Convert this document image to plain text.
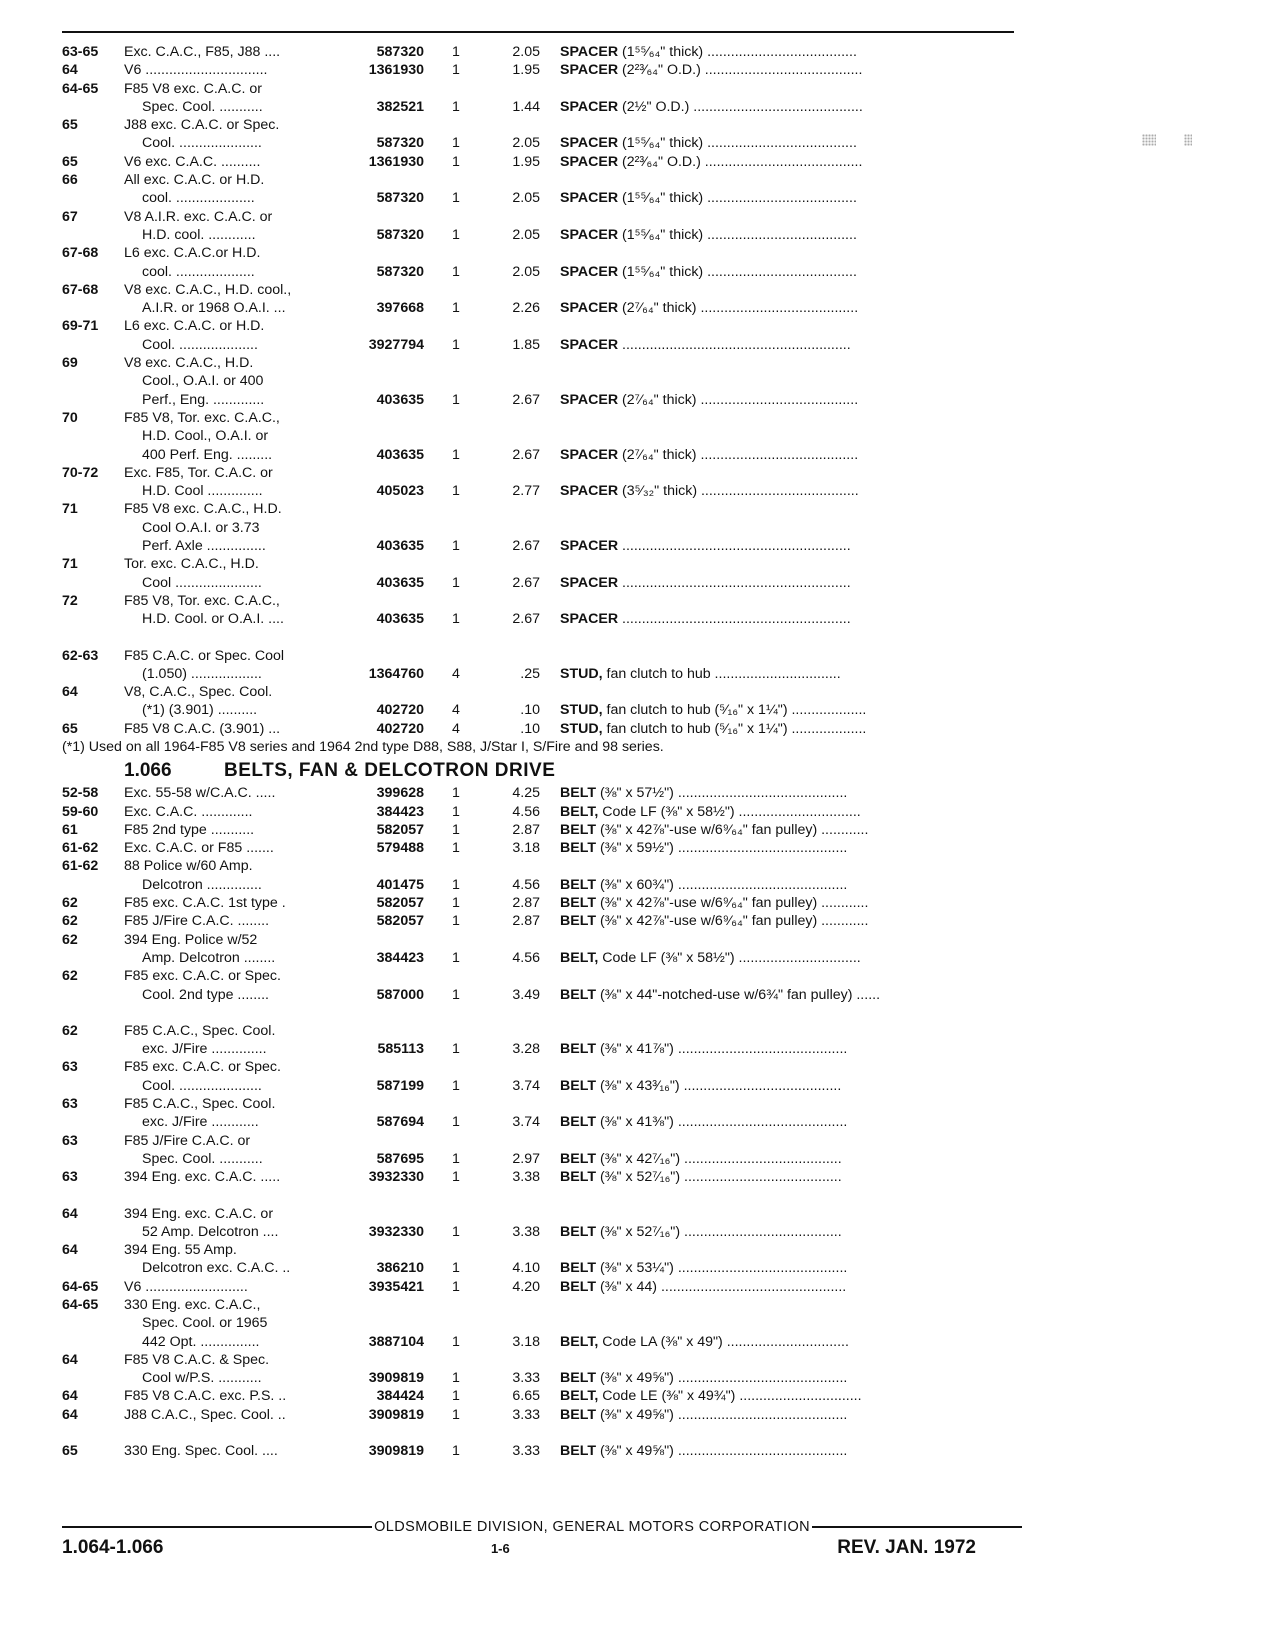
63-65	Exc. C.A.C., F85, J88 ....	587320	1	2.05	SPACER (1⁵⁵⁄₆₄" thick) ......................................
64	V6 ...............................	1361930	1	1.95	SPACER (2²³⁄₆₄" O.D.) ........................................
64-65	F85 V8 exc. C.A.C. or
Spec. Cool. ...........	382521	1	1.44	SPACER (2½" O.D.) ...........................................
65	J88 exc. C.A.C. or Spec.
Cool. .....................	587320	1	2.05	SPACER (1⁵⁵⁄₆₄" thick) ......................................
65	V6 exc. C.A.C. ..........	1361930	1	1.95	SPACER (2²³⁄₆₄" O.D.) ........................................
66	All exc. C.A.C. or H.D.
cool. ....................	587320	1	2.05	SPACER (1⁵⁵⁄₆₄" thick) ......................................
67	V8 A.I.R. exc. C.A.C. or
H.D. cool. ............	587320	1	2.05	SPACER (1⁵⁵⁄₆₄" thick) ......................................
67-68	L6 exc. C.A.C.or H.D.
cool. ....................	587320	1	2.05	SPACER (1⁵⁵⁄₆₄" thick) ......................................
67-68	V8 exc. C.A.C., H.D. cool.,
A.I.R. or 1968 O.A.I. ...	397668	1	2.26	SPACER (2⁷⁄₆₄" thick) ........................................
69-71	L6 exc. C.A.C. or H.D.
Cool. ....................	3927794	1	1.85	SPACER ..........................................................
69	V8 exc. C.A.C., H.D.
Cool., O.A.I. or 400
Perf., Eng. .............	403635	1	2.67	SPACER (2⁷⁄₆₄" thick) ........................................
70	F85 V8, Tor. exc. C.A.C.,
H.D. Cool., O.A.I. or
400 Perf. Eng. .........	403635	1	2.67	SPACER (2⁷⁄₆₄" thick) ........................................
70-72	Exc. F85, Tor. C.A.C. or
H.D. Cool ..............	405023	1	2.77	SPACER (3⁵⁄₃₂" thick) ........................................
71	F85 V8 exc. C.A.C., H.D.
Cool O.A.I. or 3.73
Perf. Axle ...............	403635	1	2.67	SPACER ..........................................................
71	Tor. exc. C.A.C., H.D.
Cool ......................	403635	1	2.67	SPACER ..........................................................
72	F85 V8, Tor. exc. C.A.C.,
H.D. Cool. or O.A.I. ....	403635	1	2.67	SPACER ..........................................................
62-63	F85 C.A.C. or Spec. Cool
(1.050) ..................	1364760	4	.25	STUD, fan clutch to hub ................................
64	V8, C.A.C., Spec. Cool.
(*1) (3.901) ..........	402720	4	.10	STUD, fan clutch to hub (⁵⁄₁₆" x 1¼") ...................
65	F85 V8 C.A.C. (3.901) ...	402720	4	.10	STUD, fan clutch to hub (⁵⁄₁₆" x 1¼") ...................
(*1) Used on all 1964-F85 V8 series and 1964 2nd type D88, S88, J/Star I, S/Fire and 98 series.
1.066	BELTS, FAN & DELCOTRON DRIVE
52-58	Exc. 55-58 w/C.A.C. .....	399628	1	4.25	BELT (⅜" x 57½") ...........................................
59-60	Exc. C.A.C. .............	384423	1	4.56	BELT, Code LF (⅜" x 58½") ...............................
61	F85 2nd type ...........	582057	1	2.87	BELT (⅜" x 42⅞"-use w/6⁹⁄₆₄" fan pulley) ............
61-62	Exc. C.A.C. or F85 .......	579488	1	3.18	BELT (⅜" x 59½") ...........................................
61-62	88 Police w/60 Amp.
Delcotron ..............	401475	1	4.56	BELT (⅜" x 60¾") ...........................................
62	F85 exc. C.A.C. 1st type .	582057	1	2.87	BELT (⅜" x 42⅞"-use w/6⁹⁄₆₄" fan pulley) ............
62	F85 J/Fire C.A.C. ........	582057	1	2.87	BELT (⅜" x 42⅞"-use w/6⁹⁄₆₄" fan pulley) ............
62	394 Eng. Police w/52
Amp. Delcotron ........	384423	1	4.56	BELT, Code LF (⅜" x 58½") ...............................
62	F85 exc. C.A.C. or Spec.
Cool. 2nd type ........	587000	1	3.49	BELT (⅜" x 44"-notched-use w/6¾" fan pulley) ......
62	F85 C.A.C., Spec. Cool.
exc. J/Fire ..............	585113	1	3.28	BELT (⅜" x 41⅞") ...........................................
63	F85 exc. C.A.C. or Spec.
Cool. .....................	587199	1	3.74	BELT (⅜" x 43³⁄₁₆") ........................................
63	F85 C.A.C., Spec. Cool.
exc. J/Fire ............	587694	1	3.74	BELT (⅜" x 41⅜") ...........................................
63	F85 J/Fire C.A.C. or
Spec. Cool. ...........	587695	1	2.97	BELT (⅜" x 42⁷⁄₁₆") ........................................
63	394 Eng. exc. C.A.C. .....	3932330	1	3.38	BELT (⅜" x 52⁷⁄₁₆") ........................................
64	394 Eng. exc. C.A.C. or
52 Amp. Delcotron ....	3932330	1	3.38	BELT (⅜" x 52⁷⁄₁₆") ........................................
64	394 Eng. 55 Amp.
Delcotron exc. C.A.C. ..	386210	1	4.10	BELT (⅜" x 53¼") ...........................................
64-65	V6 ..........................	3935421	1	4.20	BELT (⅜" x 44) ...............................................
64-65	330 Eng. exc. C.A.C.,
Spec. Cool. or 1965
442 Opt. ...............	3887104	1	3.18	BELT, Code LA (⅜" x 49") ...............................
64	F85 V8 C.A.C. & Spec.
Cool w/P.S. ...........	3909819	1	3.33	BELT (⅜" x 49⅝") ...........................................
64	F85 V8 C.A.C. exc. P.S. ..	384424	1	6.65	BELT, Code LE (⅜" x 49¾") ...............................
64	J88 C.A.C., Spec. Cool. ..	3909819	1	3.33	BELT (⅜" x 49⅝") ...........................................
65	330 Eng. Spec. Cool. ....	3909819	1	3.33	BELT (⅜" x 49⅝") ...........................................
OLDSMOBILE DIVISION, GENERAL MOTORS CORPORATION
1.064-1.066	1-6	REV. JAN. 1972
